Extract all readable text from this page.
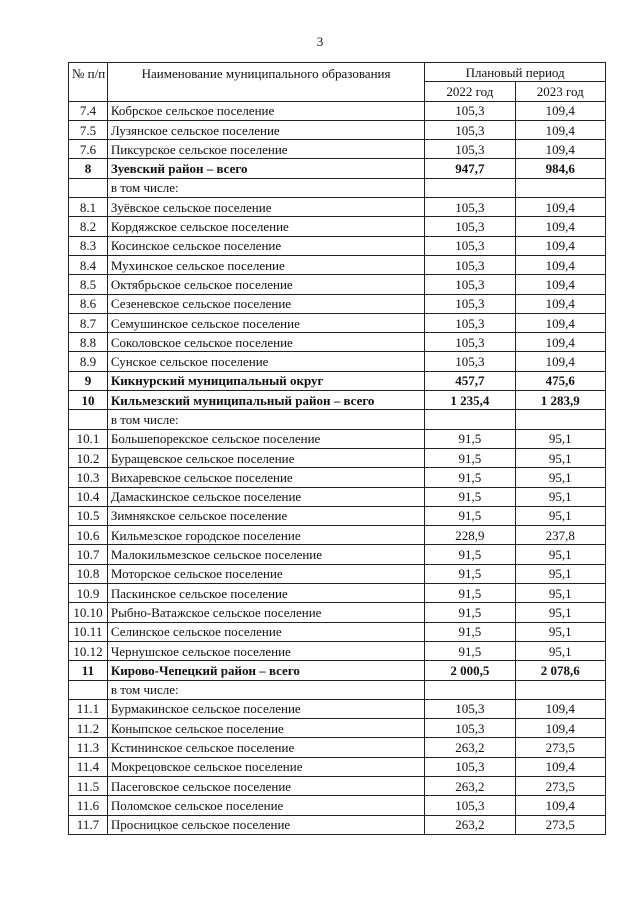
3
№ п/п	Наименование муниципального образования	Плановый период	
		2022 год	2023 год
7.4	Кобрское сельское поселение	105,3	109,4
7.5	Лузянское сельское поселение	105,3	109,4
7.6	Пиксурское сельское поселение	105,3	109,4
8	Зуевский район – всего	947,7	984,6
	в том числе:		
8.1	Зуёвское сельское поселение	105,3	109,4
8.2	Кордяжское сельское поселение	105,3	109,4
8.3	Косинское сельское поселение	105,3	109,4
8.4	Мухинское сельское поселение	105,3	109,4
8.5	Октябрьское сельское поселение	105,3	109,4
8.6	Сезеневское сельское поселение	105,3	109,4
8.7	Семушинское сельское поселение	105,3	109,4
8.8	Соколовское сельское поселение	105,3	109,4
8.9	Сунское сельское поселение	105,3	109,4
9	Кикнурский муниципальный округ	457,7	475,6
10	Кильмезский муниципальный район – всего	1 235,4	1 283,9
	в том числе:		
10.1	Большепорекское сельское поселение	91,5	95,1
10.2	Буращевское сельское поселение	91,5	95,1
10.3	Вихаревское сельское поселение	91,5	95,1
10.4	Дамаскинское сельское поселение	91,5	95,1
10.5	Зимнякское сельское поселение	91,5	95,1
10.6	Кильмезское городское поселение	228,9	237,8
10.7	Малокильмезское сельское поселение	91,5	95,1
10.8	Моторское сельское поселение	91,5	95,1
10.9	Паскинское сельское поселение	91,5	95,1
10.10	Рыбно-Ватажское сельское поселение	91,5	95,1
10.11	Селинское сельское поселение	91,5	95,1
10.12	Чернушское сельское поселение	91,5	95,1
11	Кирово-Чепецкий район – всего	2 000,5	2 078,6
	в том числе:		
11.1	Бурмакинское сельское поселение	105,3	109,4
11.2	Коныпское сельское поселение	105,3	109,4
11.3	Кстининское сельское поселение	263,2	273,5
11.4	Мокрецовское сельское поселение	105,3	109,4
11.5	Пасеговское сельское поселение	263,2	273,5
11.6	Поломское сельское поселение	105,3	109,4
11.7	Просницкое сельское поселение	263,2	273,5
